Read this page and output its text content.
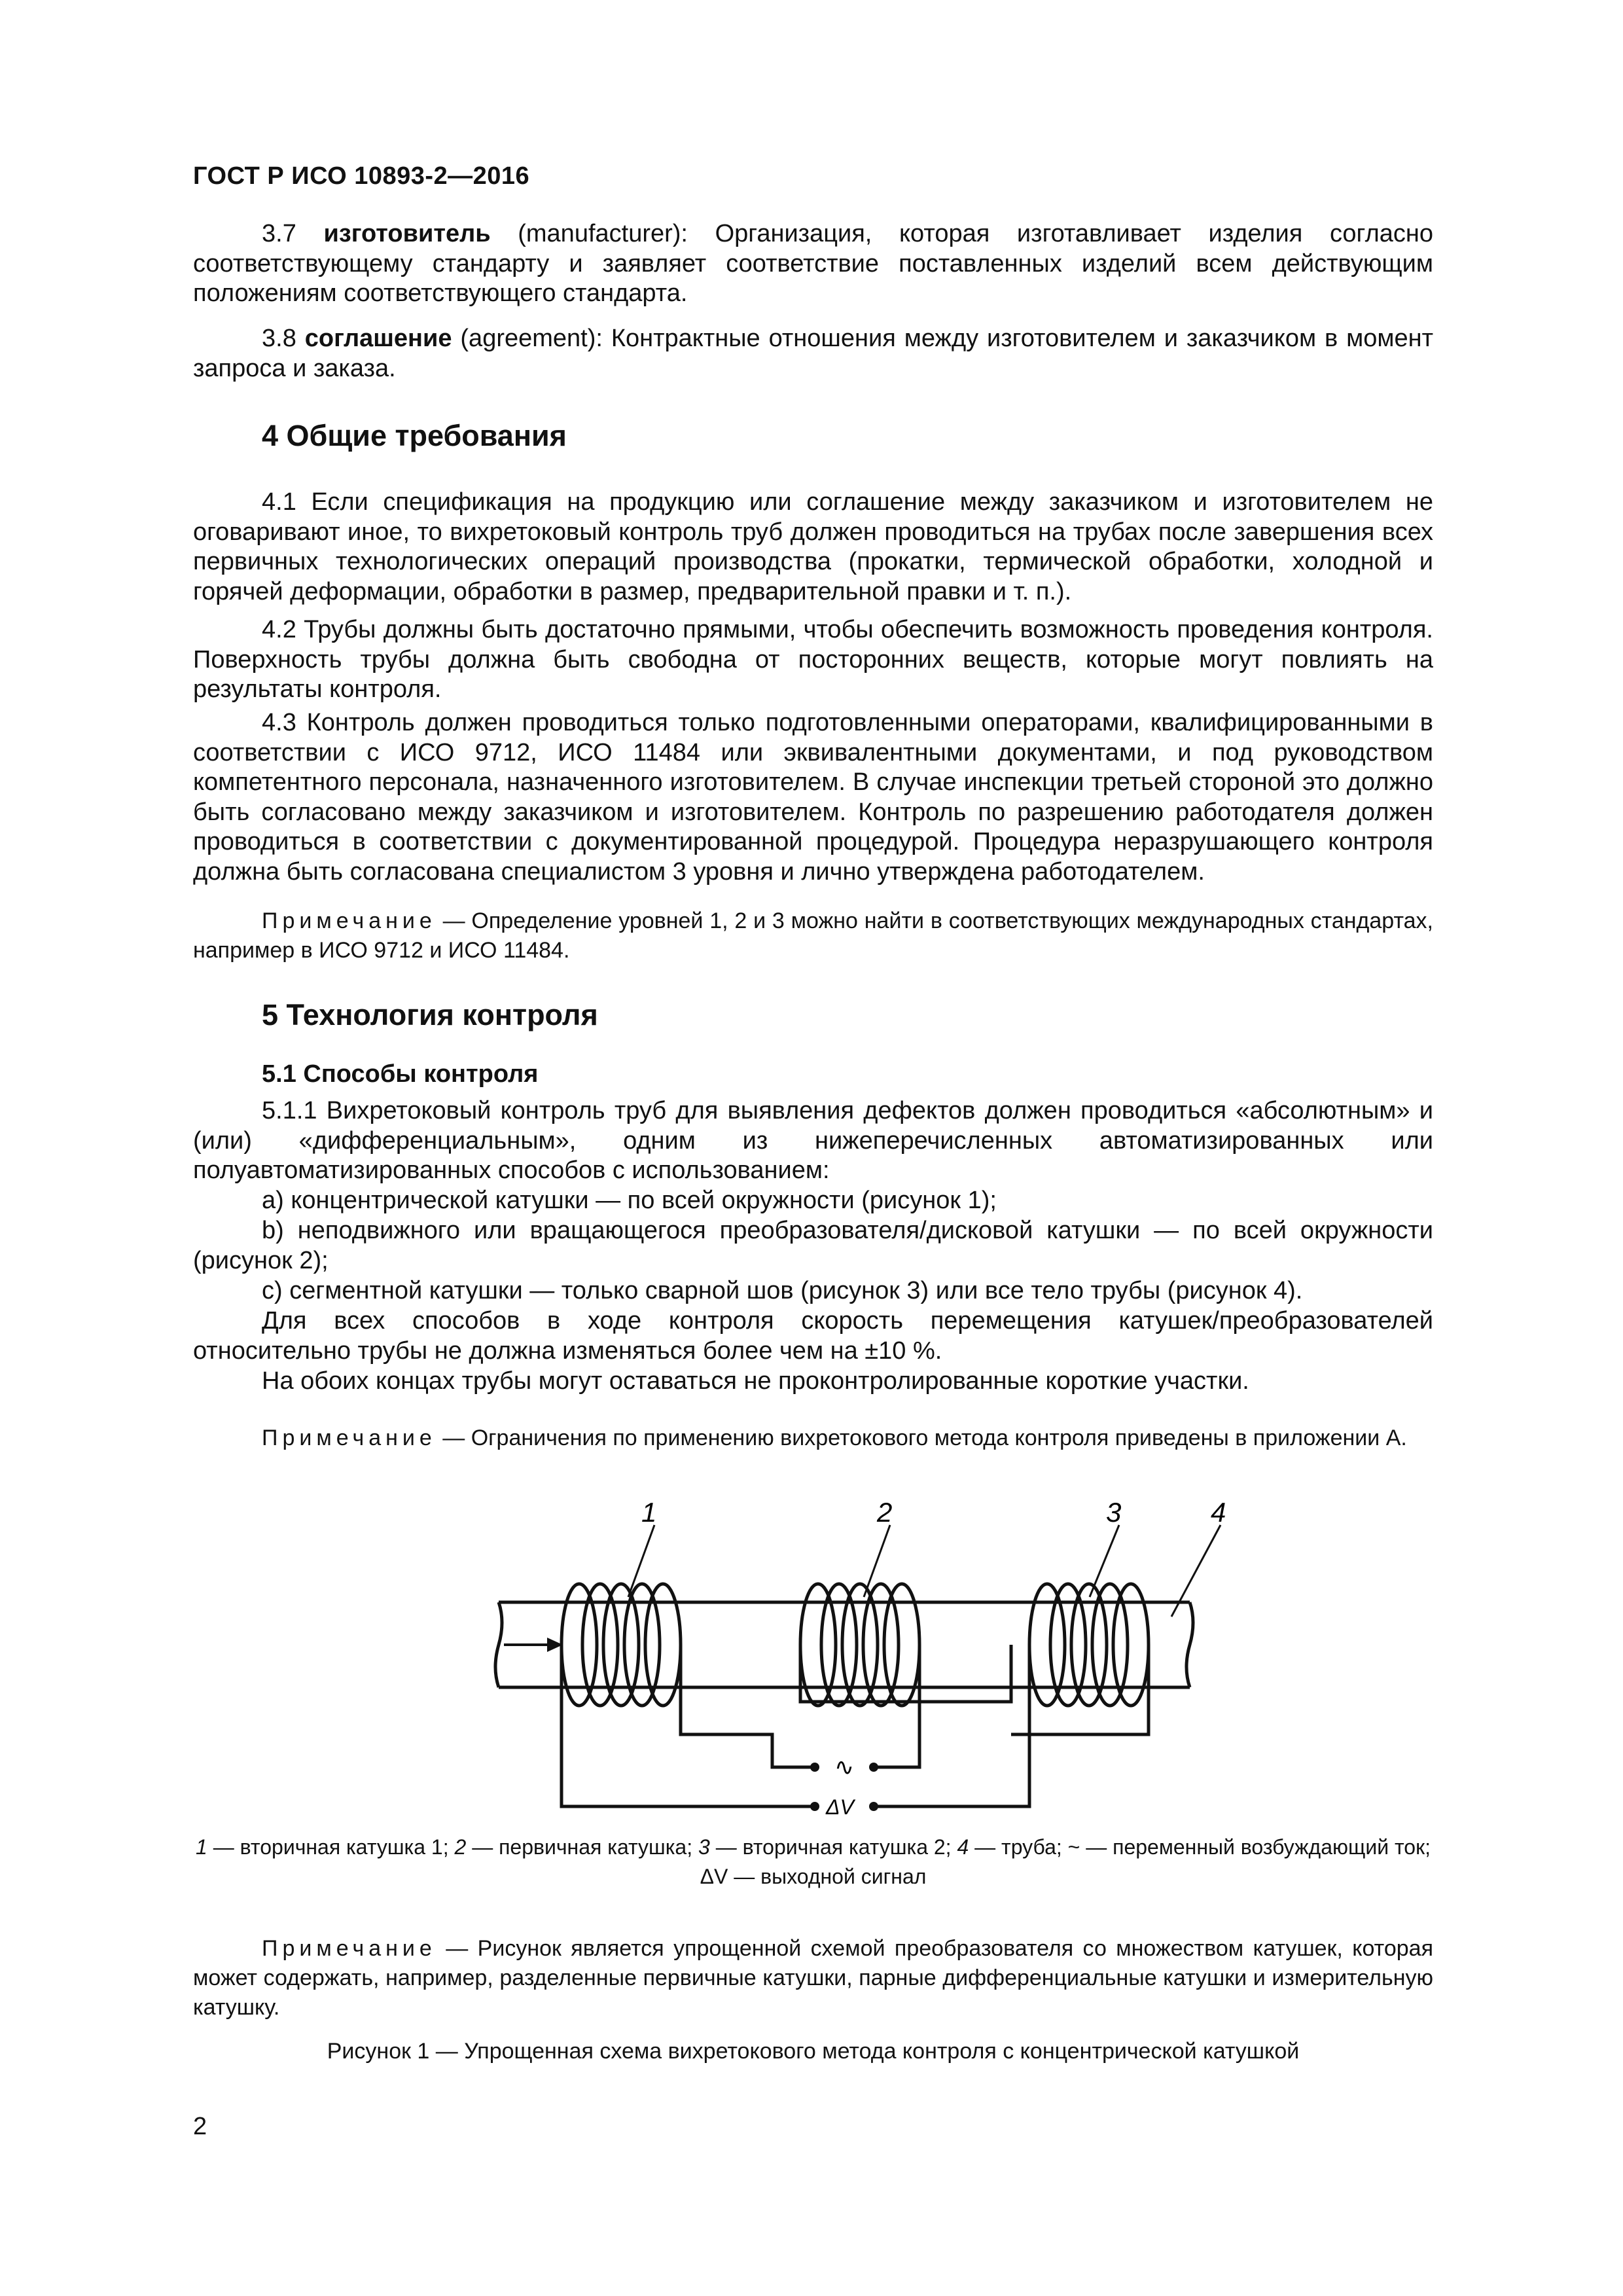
ГОСТ Р ИСО 10893-2—2016
3.7 изготовитель (manufacturer): Организация, которая изготавливает изделия согласно соответствующему стандарту и заявляет соответствие поставленных изделий всем действующим положениям соответствующего стандарта.
3.8 соглашение (agreement): Контрактные отношения между изготовителем и заказчиком в момент запроса и заказа.
4 Общие требования
4.1 Если спецификация на продукцию или соглашение между заказчиком и изготовителем не оговаривают иное, то вихретоковый контроль труб должен проводиться на трубах после завершения всех первичных технологических операций производства (прокатки, термической обработки, холодной и горячей деформации, обработки в размер, предварительной правки и т. п.).
4.2 Трубы должны быть достаточно прямыми, чтобы обеспечить возможность проведения контроля. Поверхность трубы должна быть свободна от посторонних веществ, которые могут повлиять на результаты контроля.
4.3 Контроль должен проводиться только подготовленными операторами, квалифицированными в соответствии с ИСО 9712, ИСО 11484 или эквивалентными документами, и под руководством компетентного персонала, назначенного изготовителем. В случае инспекции третьей стороной это должно быть согласовано между заказчиком и изготовителем. Контроль по разрешению работодателя должен проводиться в соответствии с документированной процедурой. Процедура неразрушающего контроля должна быть согласована специалистом 3 уровня и лично утверждена работодателем.
Примечание — Определение уровней 1, 2 и 3 можно найти в соответствующих международных стандартах, например в ИСО 9712 и ИСО 11484.
5 Технология контроля
5.1 Способы контроля
5.1.1 Вихретоковый контроль труб для выявления дефектов должен проводиться «абсолютным» и (или) «дифференциальным», одним из нижеперечисленных автоматизированных или полуавтоматизированных способов с использованием:
a) концентрической катушки — по всей окружности (рисунок 1);
b) неподвижного или вращающегося преобразователя/дисковой катушки — по всей окружности (рисунок 2);
c) сегментной катушки — только сварной шов (рисунок 3) или все тело трубы (рисунок 4).
Для всех способов в ходе контроля скорость перемещения катушек/преобразователей относительно трубы не должна изменяться более чем на ±10 %.
На обоих концах трубы могут оставаться не проконтролированные короткие участки.
Примечание — Ограничения по применению вихретокового метода контроля приведены в приложении А.
1	2	3	4
∿
ΔV
1 — вторичная катушка 1; 2 — первичная катушка; 3 — вторичная катушка 2; 4 — труба; ~ — переменный возбуждающий ток;
ΔV — выходной сигнал
Примечание — Рисунок является упрощенной схемой преобразователя со множеством катушек, которая может содержать, например, разделенные первичные катушки, парные дифференциальные катушки и измерительную катушку.
Рисунок 1 — Упрощенная схема вихретокового метода контроля с концентрической катушкой
2
